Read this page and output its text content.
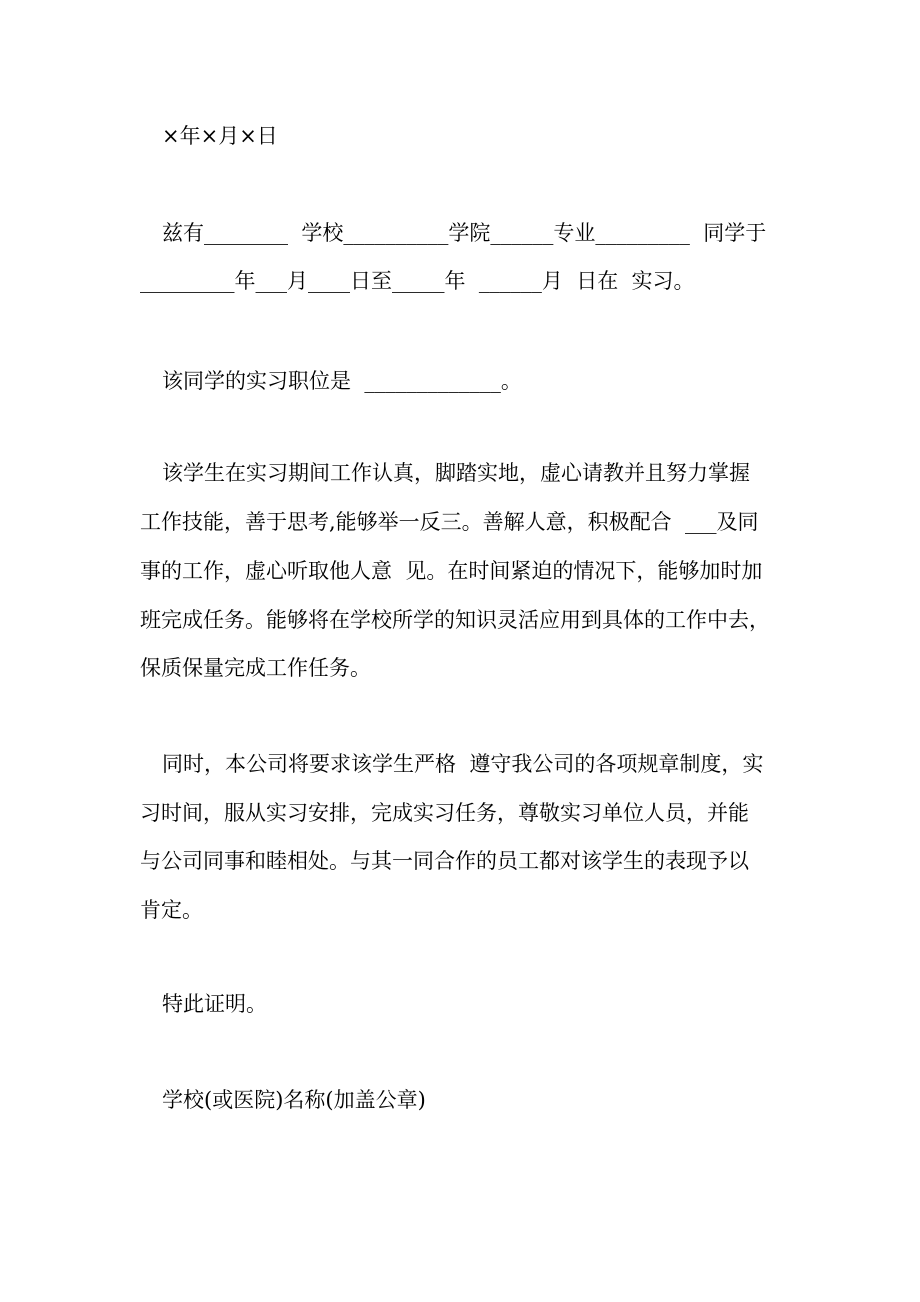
×年×月×日
兹有________  学校__________学院______专业_________  同学于
_________年___月____日至_____年  ______月  日在  实习。
该同学的实习职位是  _____________。
该学生在实习期间工作认真，脚踏实地，虚心请教并且努力掌握
工作技能，善于思考,能够举一反三。善解人意，积极配合  ___及同
事的工作，虚心听取他人意  见。在时间紧迫的情况下，能够加时加
班完成任务。能够将在学校所学的知识灵活应用到具体的工作中去，
保质保量完成工作任务。
同时，本公司将要求该学生严格  遵守我公司的各项规章制度，实
习时间，服从实习安排，完成实习任务，尊敬实习单位人员，并能
与公司同事和睦相处。与其一同合作的员工都对该学生的表现予以
肯定。
特此证明。
学校(或医院)名称(加盖公章)
